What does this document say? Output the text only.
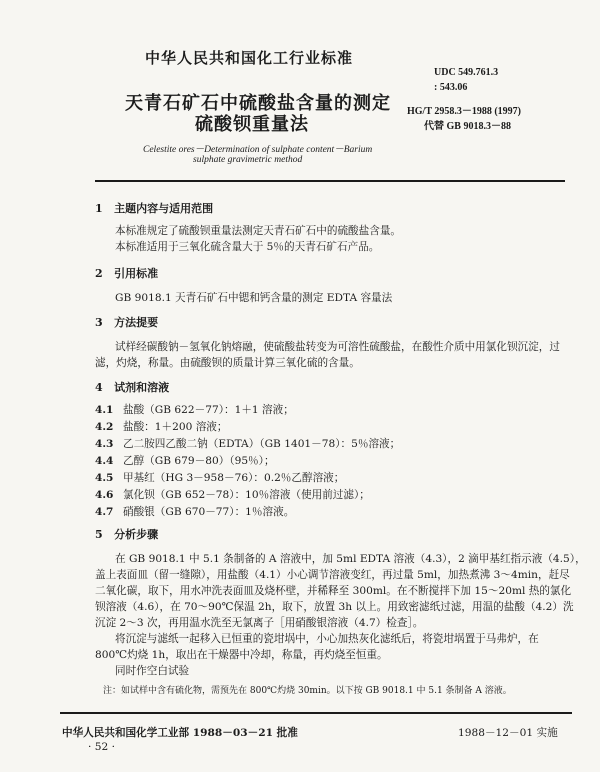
中华人民共和国化工行业标准
UDC 549.761.3
: 543.06
HG/T 2958.3－1988 (1997)
代替 GB 9018.3－88
天青石矿石中硫酸盐含量的测定
硫酸钡重量法
Celestite ores－Determination of sulphate content－Barium
sulphate gravimetric method
1 主题内容与适用范围
本标准规定了硫酸钡重量法测定天青石矿石中的硫酸盐含量。
本标准适用于三氧化硫含量大于 5％的天青石矿石产品。
2 引用标准
GB 9018.1 天青石矿石中锶和钙含量的测定 EDTA 容量法
3 方法提要
试样经碳酸钠－氢氧化钠熔融，使硫酸盐转变为可溶性硫酸盐，在酸性介质中用氯化钡沉淀，过
滤，灼烧，称量。由硫酸钡的质量计算三氧化硫的含量。
4 试剂和溶液
4.1 盐酸（GB 622－77）：1＋1 溶液；
4.2 盐酸：1＋200 溶液；
4.3 乙二胺四乙酸二钠（EDTA）（GB 1401－78）：5％溶液；
4.4 乙醇（GB 679－80）（95％）；
4.5 甲基红（HG 3－958－76）：0.2％乙醇溶液；
4.6 氯化钡（GB 652－78）：10％溶液（使用前过滤）；
4.7 硝酸银（GB 670－77）：1％溶液。
5 分析步骤
在 GB 9018.1 中 5.1 条制备的 A 溶液中，加 5ml EDTA 溶液（4.3），2 滴甲基红指示液（4.5），
盖上表面皿（留一缝隙），用盐酸（4.1）小心调节溶液变红，再过量 5ml，加热煮沸 3～4min，赶尽
二氧化碳，取下，用水冲洗表面皿及烧杯壁，并稀释至 300ml。在不断搅拌下加 15～20ml 热的氯化
钡溶液（4.6），在 70～90℃保温 2h，取下，放置 3h 以上。用致密滤纸过滤，用温的盐酸（4.2）洗
沉淀 2～3 次，再用温水洗至无氯离子［用硝酸银溶液（4.7）检查］。
将沉淀与滤纸一起移入已恒重的瓷坩埚中，小心加热灰化滤纸后，将瓷坩埚置于马弗炉，在
800℃灼烧 1h，取出在干燥器中冷却，称量，再灼烧至恒重。
同时作空白试验
注：如试样中含有硫化物，需预先在 800℃灼烧 30min。以下按 GB 9018.1 中 5.1 条制备 A 溶液。
中华人民共和国化学工业部 1988－03－21 批准	1988－12－01 实施
· 52 ·
